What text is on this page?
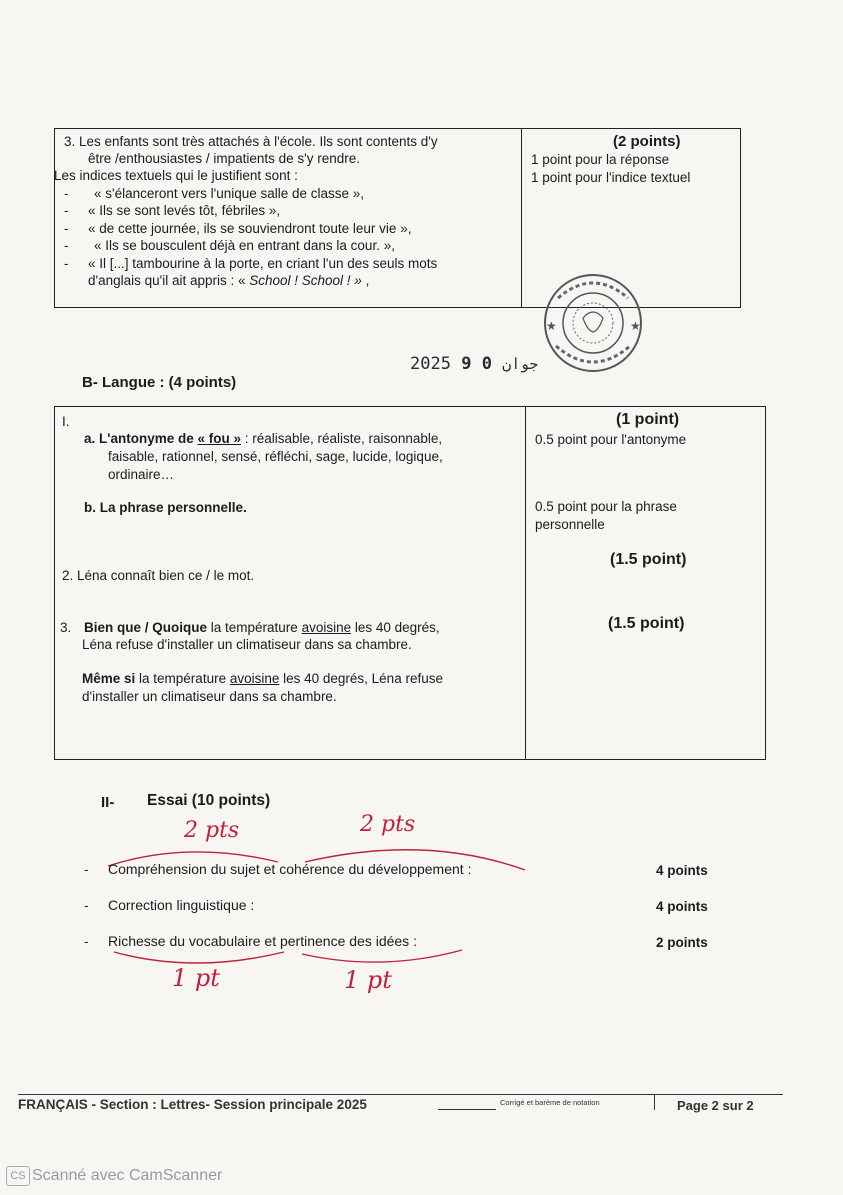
3. Les enfants sont très attachés à l'école. Ils sont contents d'y
être /enthousiastes / impatients de s'y rendre.
Les indices textuels qui le justifient sont :
- « s'élanceront vers l'unique salle de classe »,
- « Ils se sont levés tôt, fébriles »,
- « de cette journée, ils se souviendront toute leur vie »,
- « Ils se bousculent déjà en entrant dans la cour. »,
- « Il [...] tambourine à la porte, en criant l'un des seuls mots
d'anglais qu'il ait appris : « School ! School ! » ,
(2 points)
1 point pour la réponse
1 point pour l'indice textuel
★	★
2025	جوان 0 9
B- Langue : (4 points)
I.
a. L'antonyme de « fou » : réalisable, réaliste, raisonnable,
faisable, rationnel, sensé, réfléchi, sage, lucide, logique,
ordinaire…
b. La phrase personnelle.
(1 point)
0.5 point pour l'antonyme
0.5 point pour la phrase
personnelle
2. Léna connaît bien ce / le mot.
(1.5 point)
3. Bien que / Quoique la température avoisine les 40 degrés,
Léna refuse d'installer un climatiseur dans sa chambre.
Même si la température avoisine les 40 degrés, Léna refuse
d'installer un climatiseur dans sa chambre.
(1.5 point)
II- Essai (10 points)
2 pts	2 pts
- Compréhension du sujet et cohérence du développement :	4 points
- Correction linguistique :	4 points
- Richesse du vocabulaire et pertinence des idées :	2 points
1 pt	1 pt
FRANÇAIS - Section : Lettres- Session principale 2025	Corrigé et barème de notation	Page 2 sur 2
CS Scanné avec CamScanner
